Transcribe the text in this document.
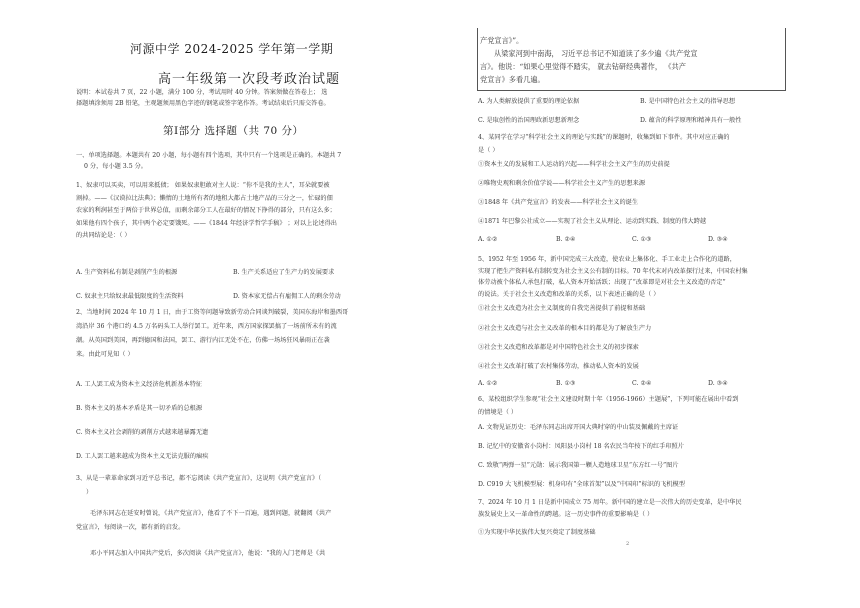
河源中学 2024-2025 学年第一学期
高一年级第一次段考政治试题
说明：本试卷共 7 页，22 小题，满分 100 分，考试用时 40 分钟。答案须做在答卷上； 选
择题填涂须用 2B 铅笔，主观题须用黑色字迹的钢笔或签字笔作答。考试结束后只需交答卷。
第Ⅰ部分 选择题（共 70 分）
一、单项选择题。本题共有 20 小题，每小题有四个选项，其中只有一个选项是正确的。本题共 7
0 分，每小题 3.5 分。
1、奴隶可以买卖，可以用来抵债； 如果奴隶胆敢对主人说：“你不是我的主人”，耳朵就要被
割掉。——《汉谟拉比法典》；懒惰的土地所有者的地租大都占土地产品的三分之一，忙碌的佃
农家的利润甚至于两倍于世界总值，而剩余部分工人在最好的情况下挣得的部分，只有这么多；
如果他有四个孩子，其中两个必定要饿死。——《1844 年经济学哲学手稿》 ；对以上论述得出
的共同结论是：（ ）
A. 生产资料私有制是剥削产生的根源	B. 生产关系适应了生产力的发展要求
C. 奴隶主只给奴隶最低限度的生活资料	D. 资本家无偿占有雇佣工人的剩余劳动
2、当地时间 2024 年 10 月 1 日，由于工资等问题导致新劳动合同谈判破裂，美国东海岸和墨西哥
湾沿岸 36 个港口约 4.5 万名码头工人举行罢工。近年来，西方国家探罢搞了一场前所未有的流
潮。从英国到美国，再到德国和法国，罢工、游行内江无处不在，仿佛一场场狂风暴雨正在袭
来。由此可见知（ ）
A. 工人罢工成为资本主义经济危机新基本特征
B. 资本主义的基本矛盾是其一切矛盾的总根源
C. 资本主义社会剥削的剥削方式越来越暴露无遗
D. 工人罢工越来越成为资本主义无法克服的痼疾
3、从是一辈革命家到习近平总书记，都不忘阅读《共产党宣言》，这说明《共产党宣言》（
）
毛泽东同志在延安时曾说，《共产党宣言》，他看了不下一百遍，遇到问题，就翻阅《共产
党宣言》，每阅读一次，都有新的启发。
邓小平同志加入中国共产党后，多次阅读《共产党宣言》，他说：“我的入门老师是《共
产党宣言》”。
从梁家河到中南海， 习近平总书记不知道读了多少遍《共产党宣
言》。他说：“如果心里觉得不踏实， 就去钻研经典著作， 《共产
党宣言》多看几遍。
A. 为人类解放提供了重要的理论依据	B. 是中国特色社会主义的指导思想
C. 是取创性的治国理政新思想新理念	D. 蕴含的科学原理和精神具有一般性
4、某同学在学习“科学社会主义的理论与实践”的课题时，收集到如下事件。其中对应正确的
是（ ）
①资本主义的发展和工人运动的兴起——科学社会主义产生的历史前提
②唯物史观和剩余价值学说——科学社会主义产生的思想来源
③1848 年《共产党宣言》的发表——科学社会主义的诞生
④1871 年巴黎公社成立——实现了社会主义从理论、运动到实践、制度的伟大跨越
A. ①②	B. ②④	C. ①③	D. ③④
5、1952 年至 1956 年，新中国完成三大改造，使农业上集体化、手工业走上合作化的道路，
实现了把生产资料私有制转变为社会主义公有制的目标。70 年代末对内改革探行过来，中国农村集
体劳动被个体私人承包打破，私人资本开始活跃；出现了“改革即是对社会主义改造的否定”
的说法。关于社会主义改造和改革的关系，以下表述正确的是（ ）
①社会主义改造为社会主义制度的自我完善提供了前提和基础
②社会主义改造与社会主义改革的根本目的都是为了解放生产力
③社会主义改造和改革都是对中国特色社会主义的初步探索
④社会主义改革打破了农村集体劳动，推动私人资本的发展
A. ①②	B. ①③	C. ②④	D. ③④
6、某校组织学生参观“社会主义建设时期十年（1956-1966）主题展”，下列可能在展出中看到
的情境是（ ）
A. 文物见证历史：毛泽东同志出席开国大典时穿的中山装及佩戴的主席证
B. 记忆中的安徽省小岗村：凤阳县小岗村 18 名农民当年按下的红手印照片
C. 致敬“两弹一星”元勋：展示我国第一颗人造地球卫星“东方红一号”图片
D. C919 大飞机模型展：机身印有“全球首架”以及“中国印”标识的飞机模型
7、2024 年 10 月 1 日是新中国成立 75 周年。新中国的建立是一次伟大的历史变革，是中华民
族发展史上又一革命性的跨越。这一历史事件的重要影响是（ ）
①为实现中华民族伟大复兴奠定了制度基础
2
